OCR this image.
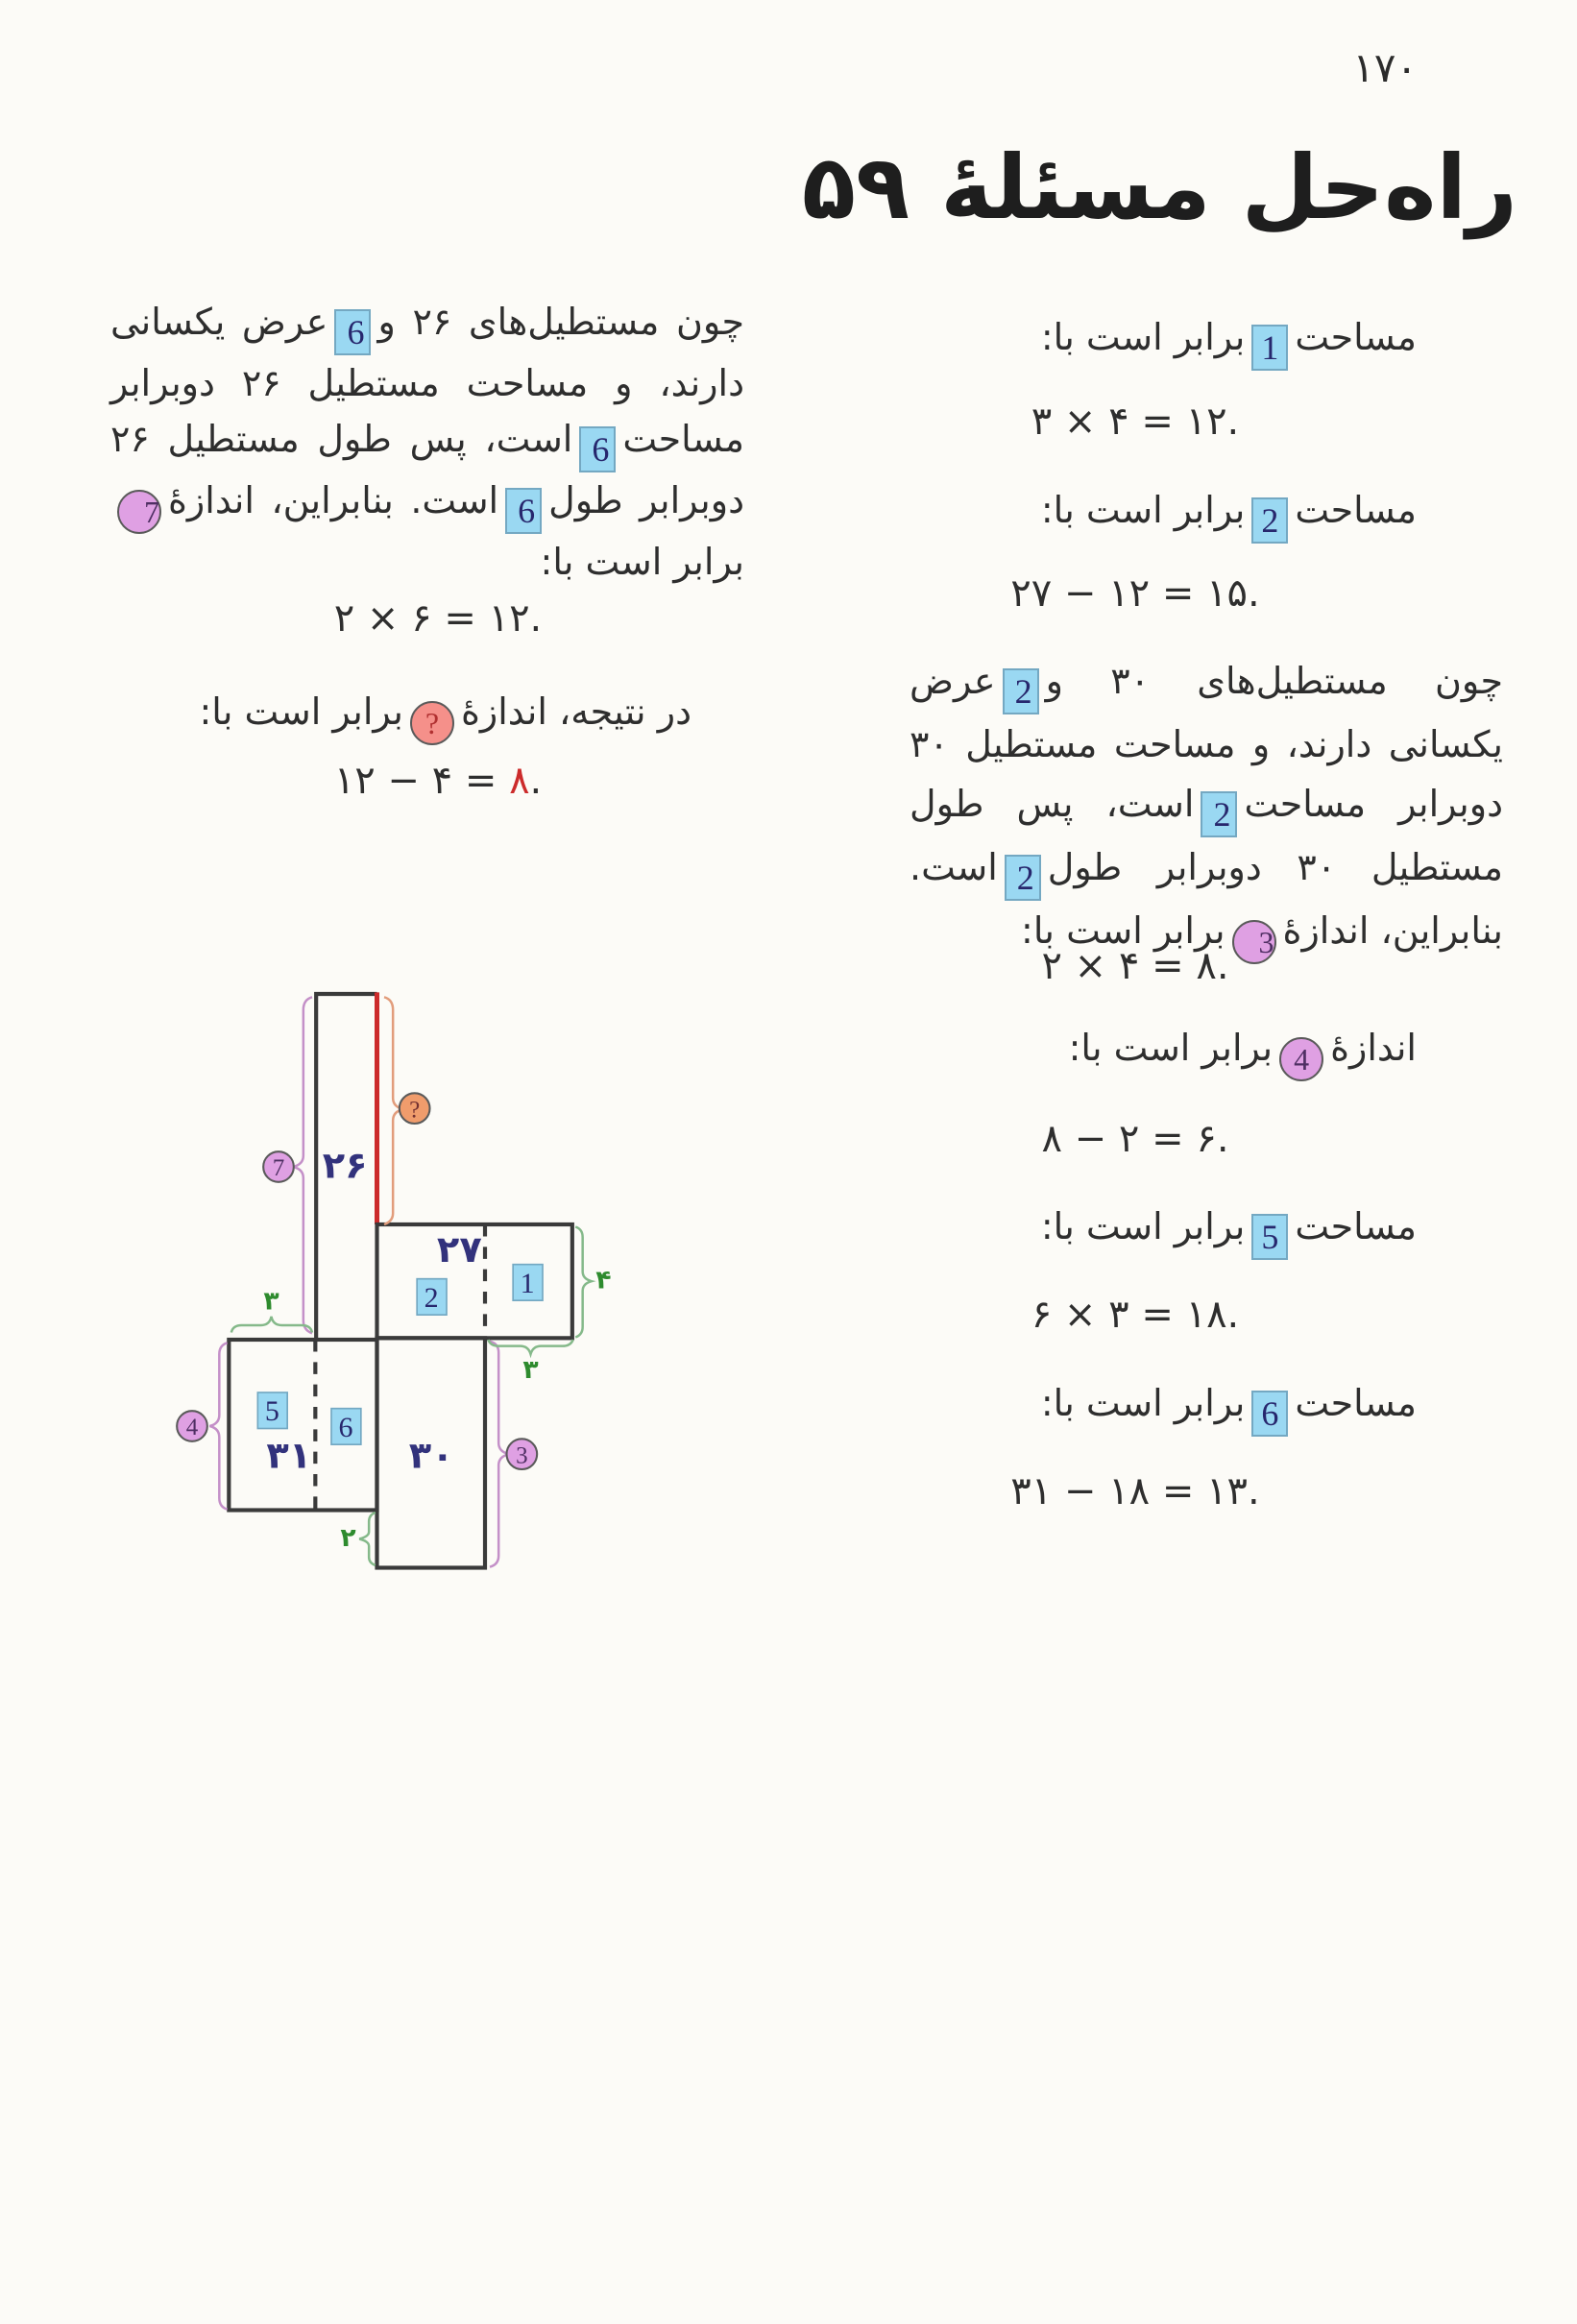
۱۷۰
راه‌حل مسئلهٔ ۵۹
مساحت1برابر است با:
۳ × ۴ = ۱۲.
مساحت2برابر است با:
۲۷ − ۱۲ = ۱۵.
چون مستطیل‌های ۳۰ و2عرض یکسانی دارند، و مساحت مستطیل ۳۰ دوبرابر مساحت2است، پس طول مستطیل ۳۰ دوبرابر طول2است. بنابراین، اندازهٔ3برابر است با:
۲ × ۴ = ۸.
اندازهٔ4برابر است با:
۸ − ۲ = ۶.
مساحت5برابر است با:
۶ × ۳ = ۱۸.
مساحت6برابر است با:
۳۱ − ۱۸ = ۱۳.
چون مستطیل‌های ۲۶ و6عرض یکسانی دارند، و مساحت مستطیل ۲۶ دوبرابر مساحت6است، پس طول مستطیل ۲۶ دوبرابر طول6است. بنابراین، اندازهٔ7برابر است با:
۲ × ۶ = ۱۲.
در نتیجه، اندازهٔ?برابر است با:
۱۲ − ۴ = ۸.
۲۶
۲۷
۳۱ ۳۰
2 1
5
6
7
?
4
3
۳
۴
۳
۲
